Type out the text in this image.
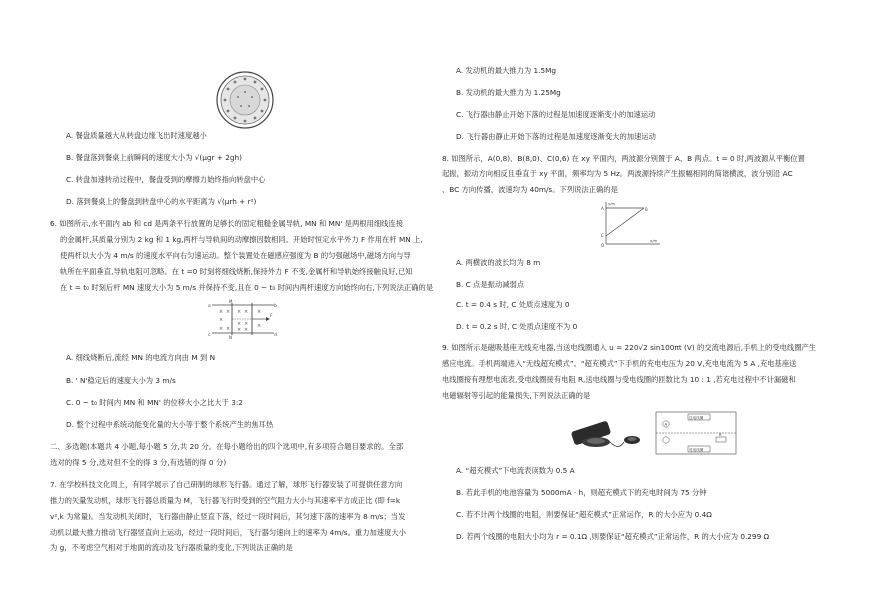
A. 餐盘质量越大从转盘边缘飞出时速度越小
B. 餐盘落到餐桌上前瞬间的速度大小为 √(μgr + 2gh)
C. 转盘加速转动过程中，餐盘受到的摩擦力始终指向转盘中心
D. 落到餐桌上的餐盘到转盘中心的水平距离为 √(μrh + r²)
6. 如图所示,水平面内 ab 和 cd 是两条平行放置的足够长的固定粗糙金属导轨, MN 和 MN' 是两根用细线连接
的金属杆,其质量分别为 2 kg 和 1 kg,两杆与导轨间的动摩擦因数相同。开始时恒定水平外力 F 作用在杆 MN 上,
使两杆以大小为 4 m/s 的速度水平向右匀速运动。整个装置处在磁感应强度为 B 的匀强磁场中,磁场方向与导
轨所在平面垂直,导轨电阻可忽略。在 t =0 时刻将细线烧断,保持外力 F 不变,金属杆和导轨始终接触良好,已知
在 t = t₀ 时刻后杆 MN 速度大小为 5 m/s 并保持不变,且在 0 ~ t₀ 时间内两杆速度方向始终向右,下列说法正确的是
× × × × ×
×
× × ×
× × × ×
a	b
c	d
M
N
F
A. 细线烧断后,流经 MN 的电流方向由 M 到 N
B. ' N'稳定后的速度大小为 3 m/s
C. 0 ~ t₀ 时间内 MN 和 MN' 的位移大小之比大于 3:2
D. 整个过程中系统动能变化量的大小等于整个系统产生的焦耳热
二、多选题(本题共 4 小题,每小题 5 分,共 20 分。在每小题给出的四个选项中,有多项符合题目要求的。全部
选对的得 5 分,选对但不全的得 3 分,有选错的得 0 分)
7. 在学校科技文化周上，有同学展示了自己研制的球形飞行器。通过了解，球形飞行器安装了可提供任意方向
推力的矢量发动机，球形飞行器总质量为 M，飞行器飞行时受到的空气阻力大小与其速率平方成正比 (即 f=k
v²,k 为常量)。当发动机关闭时，飞行器由静止竖直下落，经过一段时间后，其匀速下落的速率为 8 m/s；当发
动机以最大推力推动飞行器竖直向上运动，经过一段时间后，飞行器匀速向上的速率为 4m/s。重力加速度大小
为 g，不考虑空气相对于地面的流动及飞行器质量的变化,下列说法正确的是
A. 发动机的最大推力为 1.5Mg
B. 发动机的最大推力为 1.25Mg
C. 飞行器由静止开始下落的过程是加速度逐渐变小的加速运动
D. 飞行器由静止开始下落的过程是加速度逐渐变大的加速运动
8. 如图所示，A(0,8)、B(8,0)、C(0,6) 在 xy 平面内，两波源分别置于 A、B 两点。t = 0 时,两波源从平衡位置
起振，振动方向相反且垂直于 xy 平面，频率均为 5 Hz。两波源持续产生振幅相同的简谐横波，波分别沿 AC
、BC 方向传播，波速均为 40m/s。下列说法正确的是
y/m
A	B
C
O
x/m
A. 两横波的波长均为 8 m
B. C 点是振动减弱点
C. t = 0.4 s 时, C 处质点速度为 0
D. t = 0.2 s 时, C 处质点速度不为 0
9. 如图所示是磁吸基座无线充电器,当送电线圈通入 u = 220√2 sin100πt (V) 的交流电源后,手机上的受电线圈产生
感应电流。手机两端进入“无线超充模式”。“超充模式”下手机的充电电压为 20 V,充电电流为 5 A ,充电基座送
电线圈接有理想电流表,受电线圈接有电阻 R,送电线圈与受电线圈的匝数比为 10 : 1 ,若充电过程中不计漏磁和
电磁辐射等引起的能量损失,下列说法正确的是
送电线圈
受电线圈
A
R
A. “超充模式”下电流表读数为 0.5 A
B. 若此手机的电池容量为 5000mA · h，则超充模式下的充电时间为 75 分钟
C. 若不计两个线圈的电阻，则要保证“超充模式”正常运作，R 的大小应为 0.4Ω
D. 若两个线圈的电阻大小均为 r = 0.1Ω ,则要保证“超充模式”正常运作，R 的大小应为 0.299 Ω
